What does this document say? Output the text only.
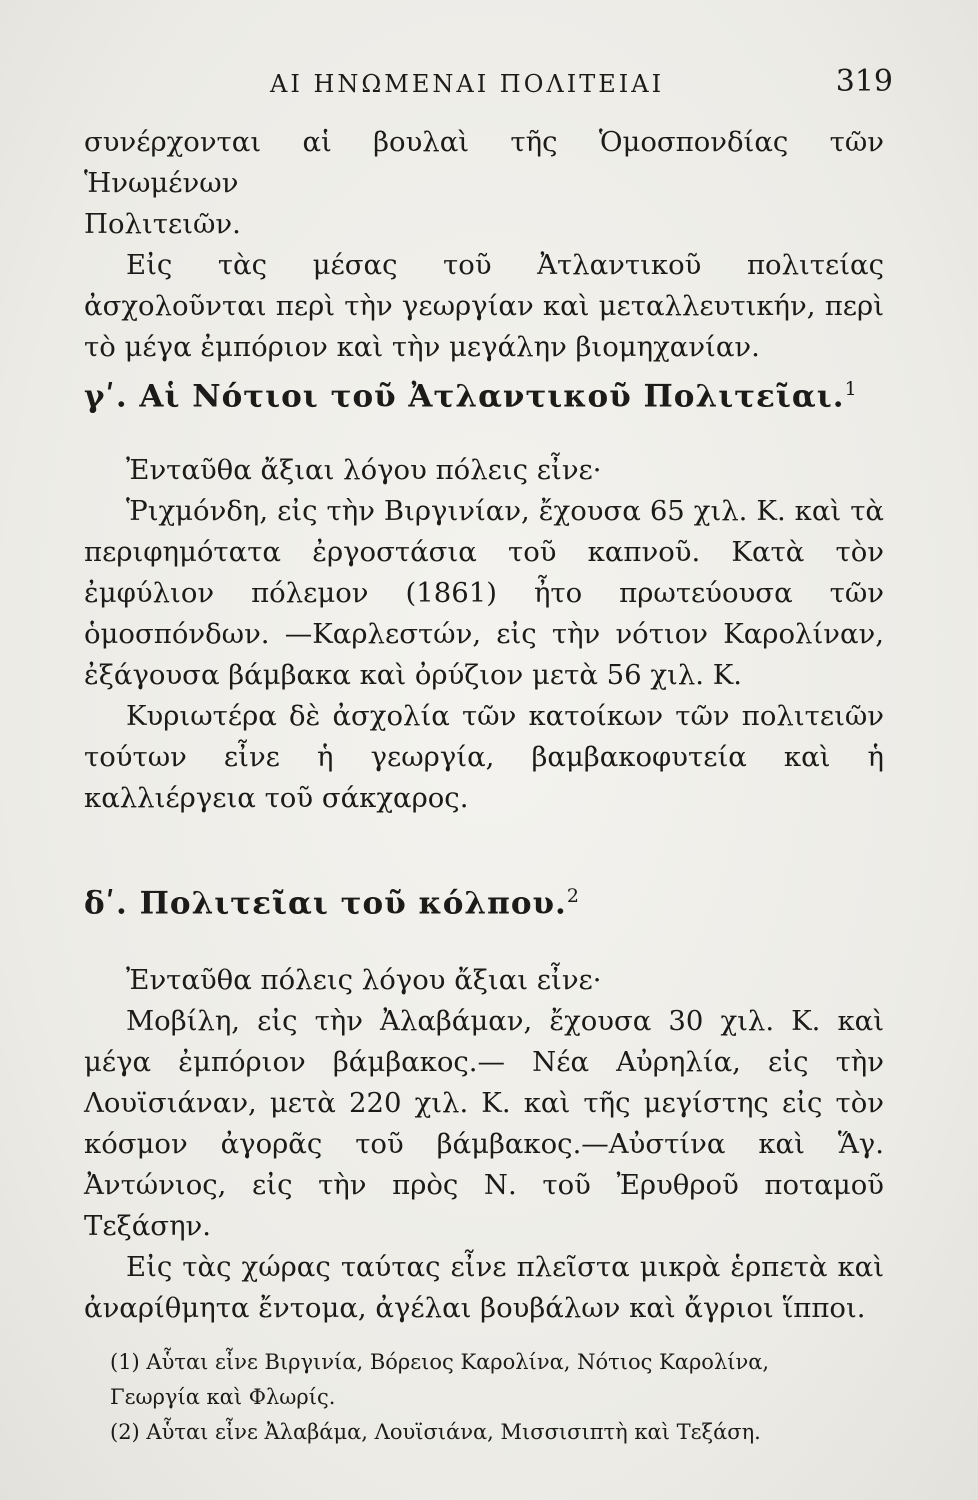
ΑΙ ΗΝΩΜΕΝΑΙ ΠΟΛΙΤΕΙΑΙ	319

συνέρχονται αἱ βουλαὶ τῆς Ὁμοσπονδίας τῶν Ἡνωμένων

Πολιτειῶν.

Εἰς τὰς μέσας τοῦ Ἀτλαντικοῦ πολιτείας ἀσχολοῦνται περὶ τὴν γεωργίαν καὶ μεταλλευτικήν, περὶ τὸ μέγα ἐμπόριον καὶ τὴν μεγάλην βιομηχανίαν.

γʹ. Αἱ Νότιοι τοῦ Ἀτλαντικοῦ Πολιτεῖαι.$^1$

Ἐνταῦθα ἄξιαι λόγου πόλεις εἶνε·

Ῥιχμόνδη, εἰς τὴν Βιργινίαν, ἔχουσα 65 χιλ. Κ. καὶ τὰ περιφημότατα ἐργοστάσια τοῦ καπνοῦ. Κατὰ τὸν ἐμφύλιον πόλεμον (1861) ἦτο πρωτεύουσα τῶν ὁμοσπόνδων. —Καρλεστών, εἰς τὴν νότιον Καρολίναν, ἐξάγουσα βάμβακα καὶ ὀρύζιον μετὰ 56 χιλ. Κ.

Κυριωτέρα δὲ ἀσχολία τῶν κατοίκων τῶν πολιτειῶν τούτων εἶνε ἡ γεωργία, βαμβακοφυτεία καὶ ἡ καλλιέργεια τοῦ σάκχαρος.

δʹ. Πολιτεῖαι τοῦ κόλπου.$^2$

Ἐνταῦθα πόλεις λόγου ἄξιαι εἶνε·

Μοβίλη, εἰς τὴν Ἀλαβάμαν, ἔχουσα 30 χιλ. Κ. καὶ μέγα ἐμπόριον βάμβακος.— Νέα Αὐρηλία, εἰς τὴν Λουϊσιάναν, μετὰ 220 χιλ. Κ. καὶ τῆς μεγίστης εἰς τὸν κόσμον ἀγορᾶς τοῦ βάμβακος.—Αὐστίνα καὶ Ἅγ. Ἀντώνιος, εἰς τὴν πρὸς Ν. τοῦ Ἐρυθροῦ ποταμοῦ Τεξάσην.

Εἰς τὰς χώρας ταύτας εἶνε πλεῖστα μικρὰ ἑρπετὰ καὶ ἀναρίθμητα ἔντομα, ἀγέλαι βουβάλων καὶ ἄγριοι ἵπποι.

(1) Αὗται εἶνε Βιργινία, Βόρειος Καρολίνα, Νότιος Καρολίνα,

Γεωργία καὶ Φλωρίς.

(2) Αὗται εἶνε Ἀλαβάμα, Λουϊσιάνα, Μισσισιπτὴ καὶ Τεξάση.
